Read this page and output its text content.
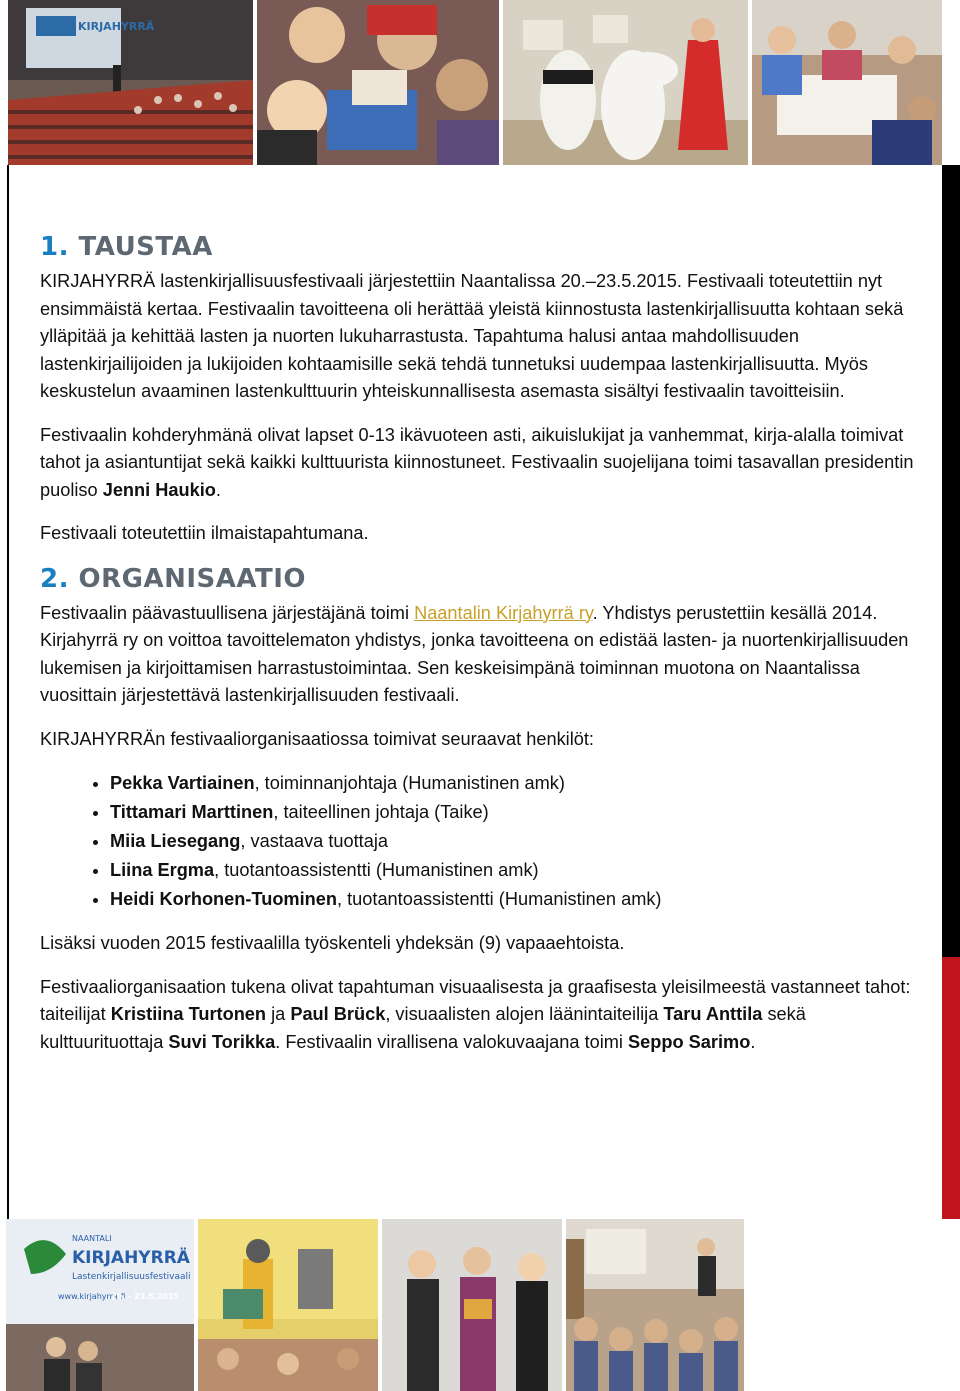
KIRJAHYRRÄ
1. TAUSTAA

KIRJAHYRRÄ lastenkirjallisuusfestivaali järjestettiin Naantalissa 20.–23.5.2015. Festivaali toteutettiin nyt ensimmäistä kertaa. Festivaalin tavoitteena oli herättää yleistä kiinnostusta lastenkirjallisuutta kohtaan sekä ylläpitää ja kehittää lasten ja nuorten lukuharrastusta. Tapahtuma halusi antaa mahdollisuuden lastenkirjailijoiden ja lukijoiden kohtaamisille sekä tehdä tunnetuksi uudempaa lastenkirjallisuutta. Myös keskustelun avaaminen lastenkulttuurin yhteiskunnallisesta asemasta sisältyi festivaalin tavoitteisiin.

Festivaalin kohderyhmänä olivat lapset 0-13 ikävuoteen asti, aikuislukijat ja vanhemmat, kirja-alalla toimivat tahot ja asiantuntijat sekä kaikki kulttuurista kiinnostuneet. Festivaalin suojelijana toimi tasavallan presidentin puoliso Jenni Haukio.

Festivaali toteutettiin ilmaistapahtumana.

2. ORGANISAATIO

Festivaalin päävastuullisena järjestäjänä toimi Naantalin Kirjahyrrä ry. Yhdistys perustettiin kesällä 2014. Kirjahyrrä ry on voittoa tavoittelematon yhdistys, jonka tavoitteena on edistää lasten- ja nuortenkirjallisuuden lukemisen ja kirjoittamisen harrastustoimintaa. Sen keskeisimpänä toiminnan muotona on Naantalissa vuosittain järjestettävä lastenkirjallisuuden festivaali.

KIRJAHYRRÄn festivaaliorganisaatiossa toimivat seuraavat henkilöt:

• Pekka Vartiainen, toiminnanjohtaja (Humanistinen amk)
• Tittamari Marttinen, taiteellinen johtaja (Taike)
• Miia Liesegang, vastaava tuottaja
• Liina Ergma, tuotantoassistentti (Humanistinen amk)
• Heidi Korhonen-Tuominen, tuotantoassistentti (Humanistinen amk)

Lisäksi vuoden 2015 festivaalilla työskenteli yhdeksän (9) vapaaehtoista.

Festivaaliorganisaation tukena olivat tapahtuman visuaalisesta ja graafisesta yleisilmeestä vastanneet tahot: taiteilijat Kristiina Turtonen ja Paul Brück, visuaalisten alojen läänintaiteilija Taru Anttila sekä kulttuurituottaja Suvi Torikka. Festivaalin virallisena valokuvaajana toimi Seppo Sarimo.

NAANTALI
KIRJAHYRRÄ
Lastenkirjallisuusfestivaali
www.kirjahyrra.fi
20. - 23.5.2015
